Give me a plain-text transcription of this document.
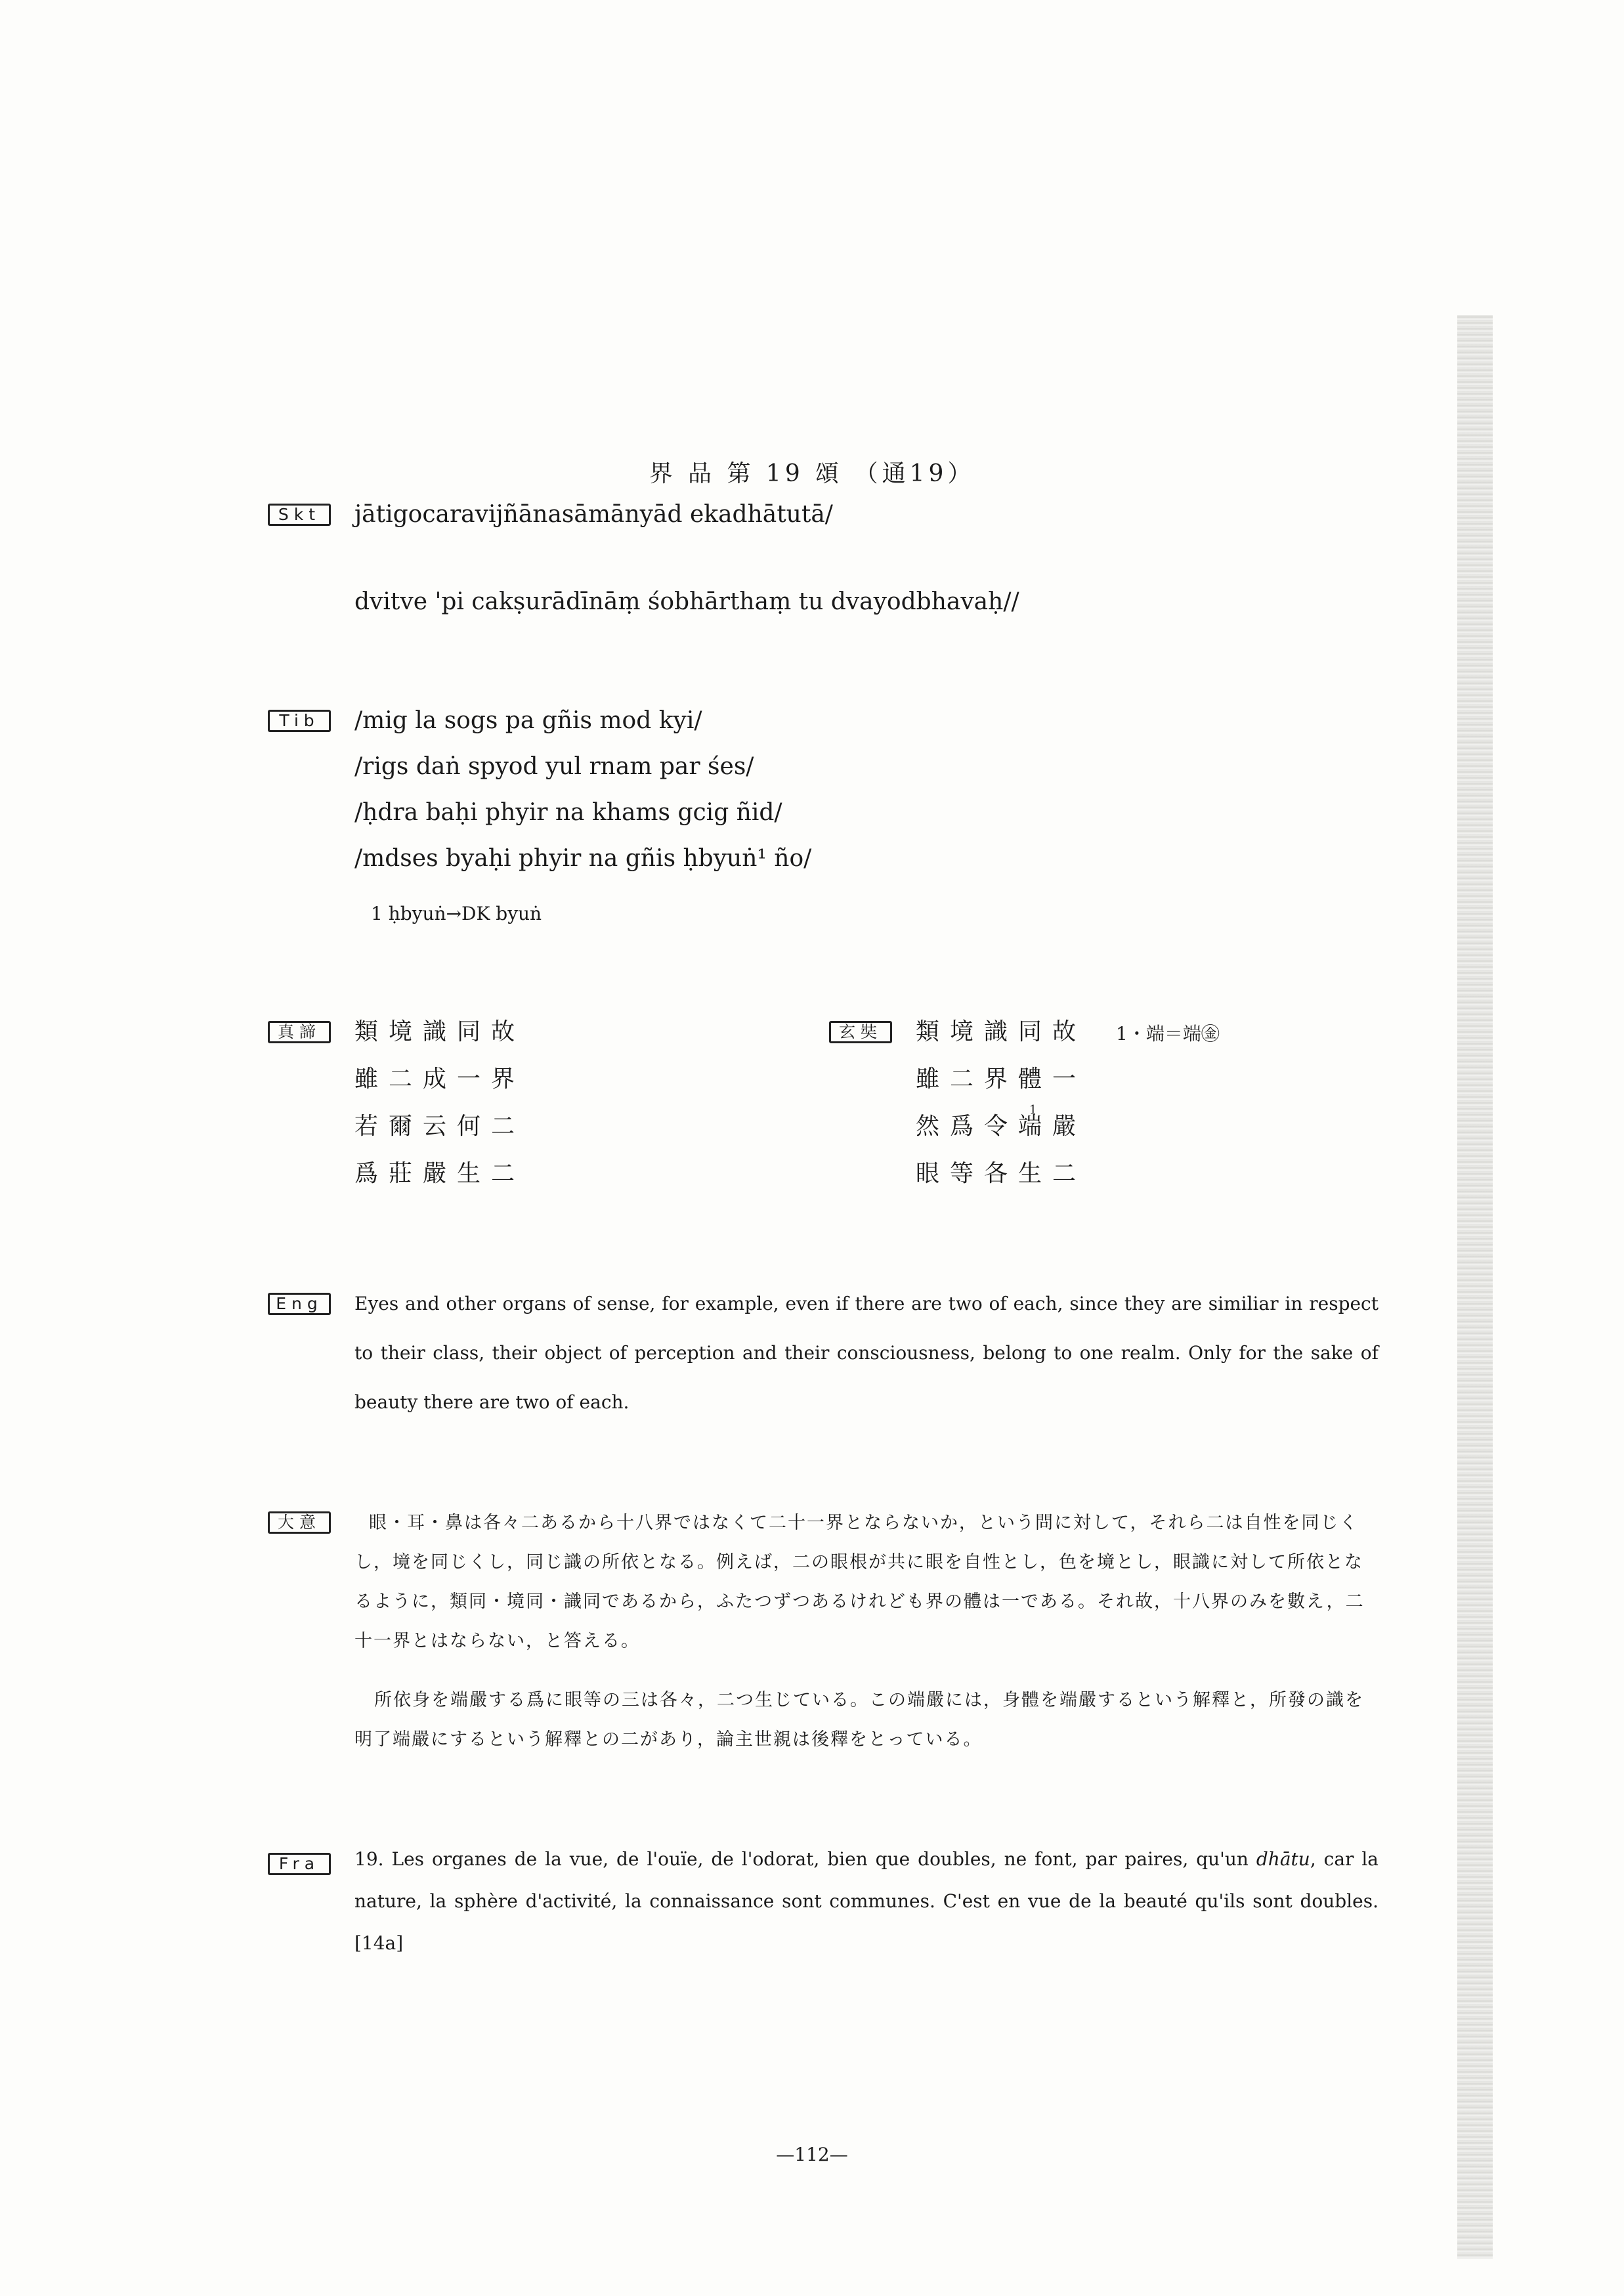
界 品 第 19 頌 （通19）
Skt	jātigocaravijñānasāmānyād ekadhātutā/
dvitve 'pi cakṣurādīnāṃ śobhārthaṃ tu dvayodbhavaḥ//
Tib	/mig la sogs pa gñis mod kyi/
/rigs daṅ spyod yul rnam par śes/
/ḥdra baḥi phyir na khams gcig ñid/
/mdses byaḥi phyir na gñis ḥbyuṅ¹ ño/
1 ḥbyuṅ→DK byuṅ
真諦	類境識同故
雖二成一界
若爾云何二
爲莊嚴生二
玄奘	類境識同故
雖二界體一
然爲令端嚴
眼等各生二
1
1・端＝端㊎
Eng	Eyes and other organs of sense, for example, even if there are two of each, since they are similiar in respect to their class, their object of perception and their consciousness, belong to one realm. Only for the sake of beauty there are two of each.
大意	眼・耳・鼻は各々二あるから十八界ではなくて二十一界とならないか，という問に対して，それら二は自性を同じくし，境を同じくし，同じ識の所依となる。例えば，二の眼根が共に眼を自性とし，色を境とし，眼識に対して所依となるように，類同・境同・識同であるから，ふたつずつあるけれども界の體は一である。それ故，十八界のみを數え，二十一界とはならない，と答える。
所依身を端嚴する爲に眼等の三は各々，二つ生じている。この端嚴には，身體を端嚴するという解釋と，所發の識を明了端嚴にするという解釋との二があり，論主世親は後釋をとっている。
Fra	19. Les organes de la vue, de l'ouïe, de l'odorat, bien que doubles, ne font, par paires, qu'un dhātu, car la nature, la sphère d'activité, la connaissance sont communes. C'est en vue de la beauté qu'ils sont doubles. [14a]
—112—
